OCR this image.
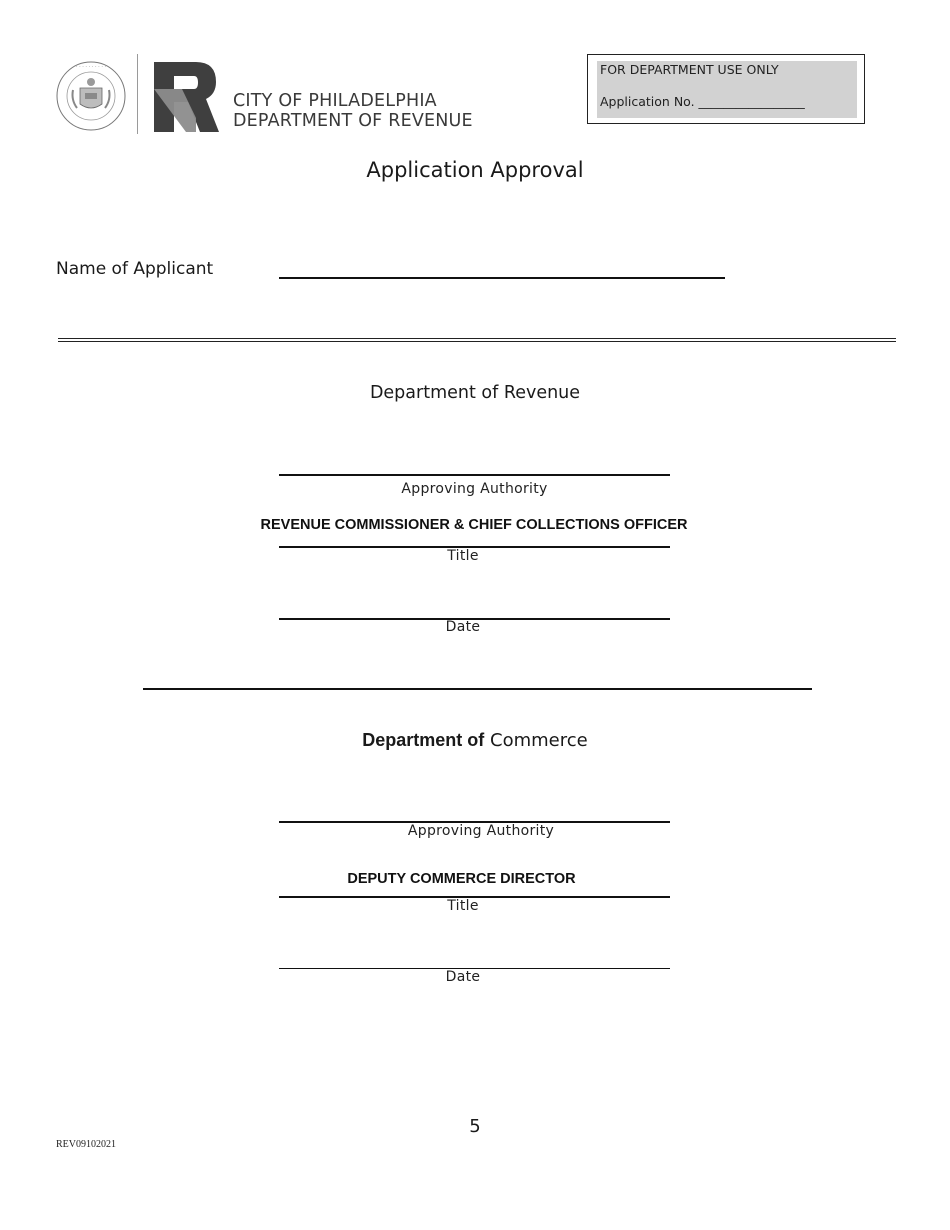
· · · · · · · · · ·
CITY OF PHILADELPHIA
DEPARTMENT OF REVENUE
FOR DEPARTMENT USE ONLY
Application No. _________________
Application Approval
Name of Applicant
Department of Revenue
Approving Authority
REVENUE COMMISSIONER & CHIEF COLLECTIONS OFFICER
Title
Date
Department of Commerce
Approving Authority
DEPUTY COMMERCE DIRECTOR
Title
Date
5
REV09102021
